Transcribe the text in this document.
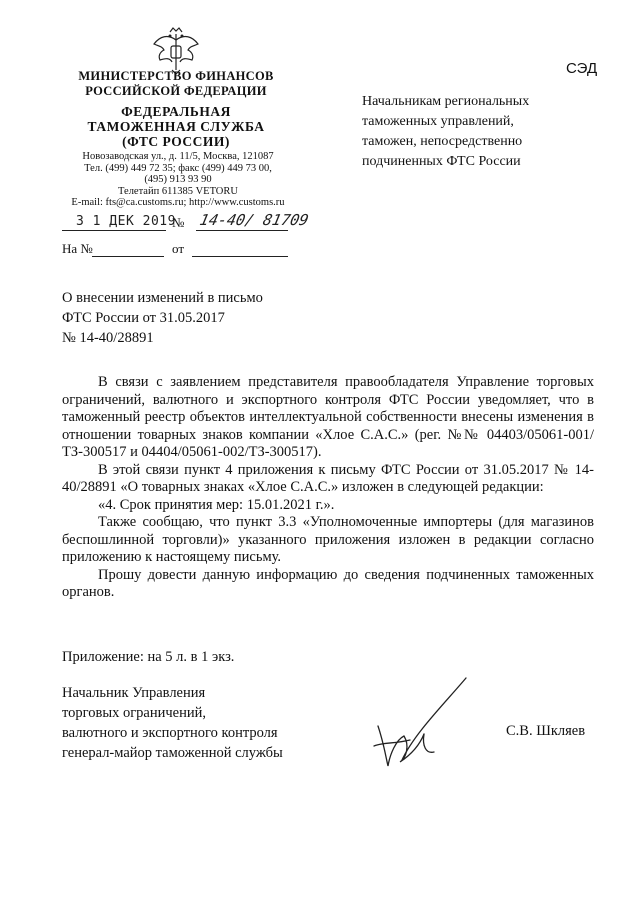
МИНИСТЕРСТВО ФИНАНСОВ
РОССИЙСКОЙ ФЕДЕРАЦИИ
ФЕДЕРАЛЬНАЯ
ТАМОЖЕННАЯ СЛУЖБА
(ФТС РОССИИ)
Новозаводская ул., д. 11/5, Москва, 121087
Тел. (499) 449 72 35; факс (499) 449 73 00,
(495) 913 93 90
Телетайп 611385 VETORU
E-mail: fts@ca.customs.ru; http://www.customs.ru
СЭД
Начальникам региональных
таможенных управлений,
таможен, непосредственно
подчиненных ФТС России
3 1 ДЕК 2019
№ 14-40/ 81709
На №	от
О внесении изменений в письмо
ФТС России от 31.05.2017
№ 14-40/28891

В связи с заявлением представителя правообладателя Управление торговых ограничений, валютного и экспортного контроля ФТС России уведомляет, что в таможенный реестр объектов интеллектуальной собственности внесены изменения в отношении товарных знаков компании «Хлое С.А.С.» (рег. №№ 04403/05061-001/ТЗ-300517 и 04404/05061-002/ТЗ-300517).

В этой связи пункт 4 приложения к письму ФТС России от 31.05.2017 № 14-40/28891 «О товарных знаках «Хлое С.А.С.» изложен в следующей редакции:

«4. Срок принятия мер: 15.01.2021 г.».

Также сообщаю, что пункт 3.3 «Уполномоченные импортеры (для магазинов беспошлинной торговли)» указанного приложения изложен в редакции согласно приложению к настоящему письму.

Прошу довести данную информацию до сведения подчиненных таможенных органов.

Приложение: на 5 л. в 1 экз.
Начальник Управления
торговых ограничений,
валютного и экспортного контроля
генерал-майор таможенной службы
С.В. Шкляев
